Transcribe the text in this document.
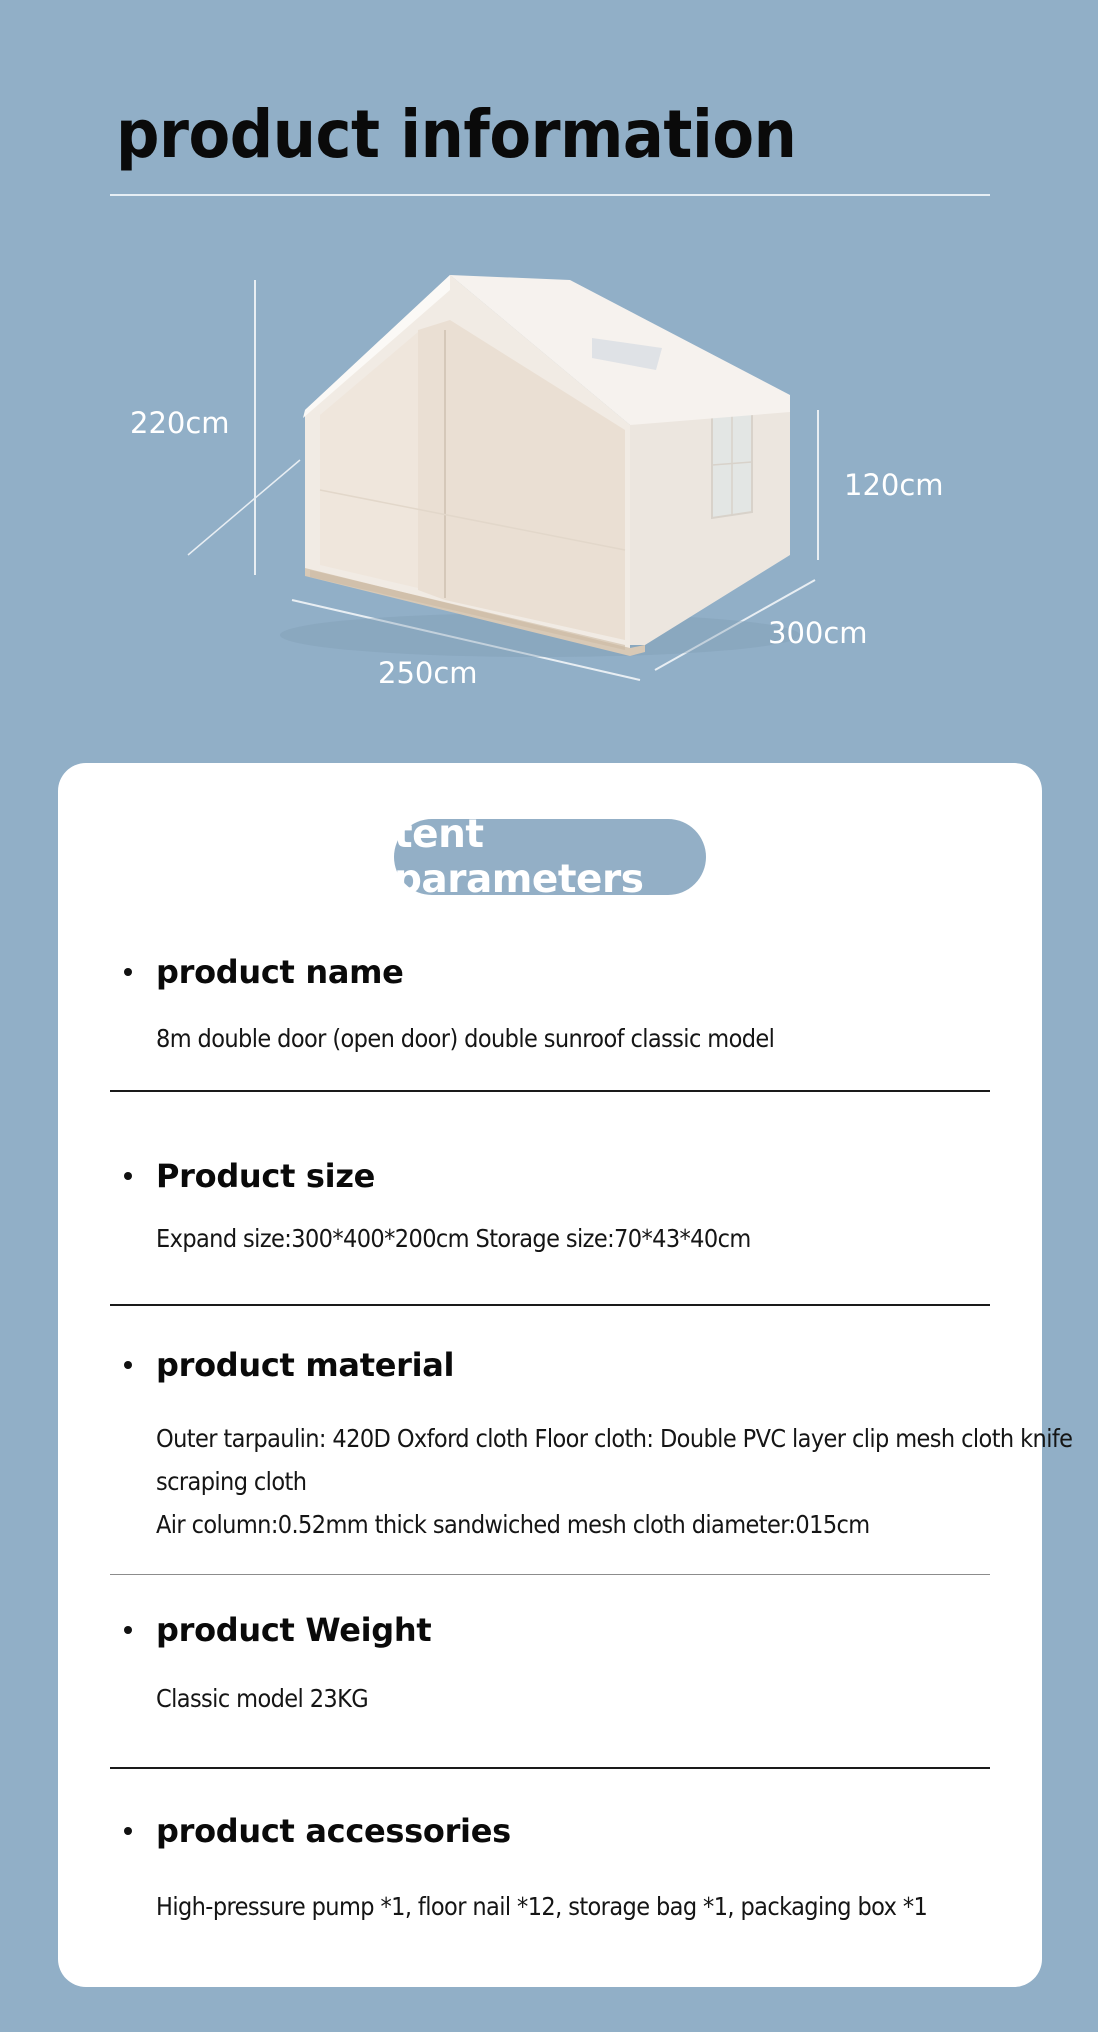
product information
220cm
120cm
250cm
300cm
tent parameters
product name
8m double door (open door) double sunroof classic model
Product size
Expand size:300*400*200cm Storage size:70*43*40cm
product material
Outer tarpaulin: 420D Oxford cloth Floor cloth: Double PVC layer clip mesh cloth knife
scraping cloth
Air column:0.52mm thick sandwiched mesh cloth diameter:015cm
product Weight
Classic model 23KG
product accessories
High-pressure pump *1, floor nail *12, storage bag *1, packaging box *1
